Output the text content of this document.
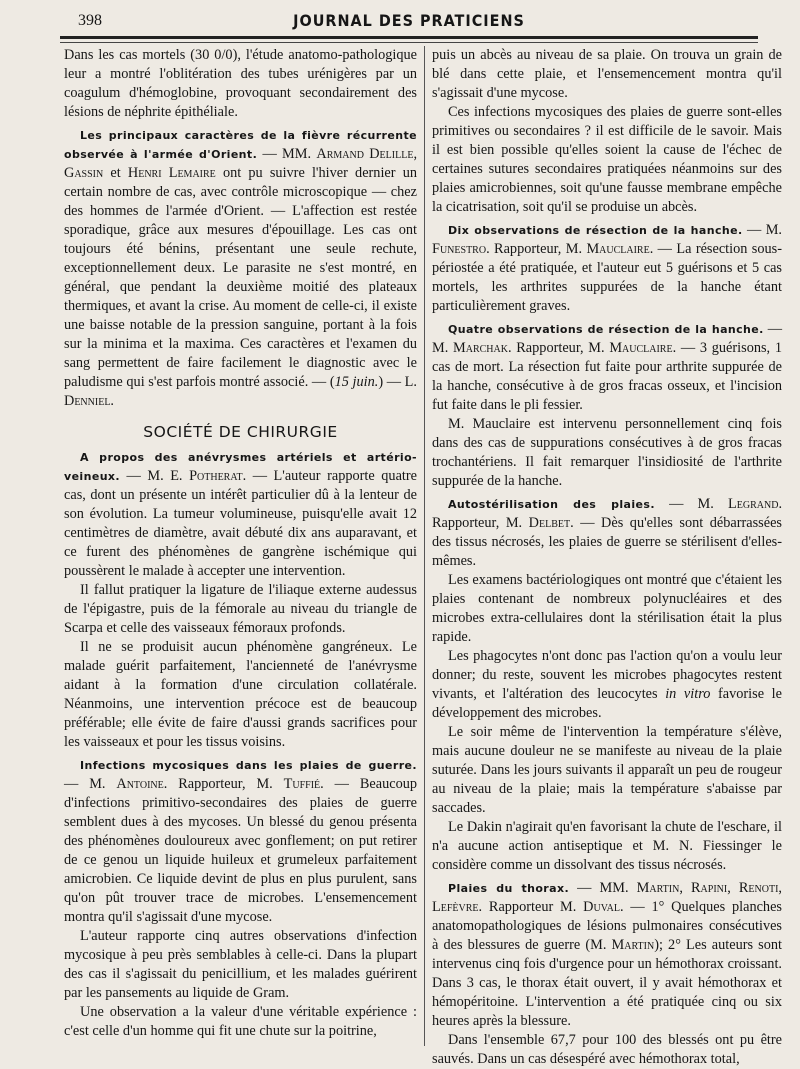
398	JOURNAL DES PRATICIENS

Dans les cas mortels (30 0/0), l'étude anatomo-pathologique leur a montré l'oblitération des tubes urénigères par un coagulum d'hémoglobine, provoquant secondairement des lésions de néphrite épithéliale.

Les principaux caractères de la fièvre récurrente observée à l'armée d'Orient. — MM. Armand Delille, Gassin et Henri Lemaire ont pu suivre l'hiver dernier un certain nombre de cas, avec contrôle microscopique — chez des hommes de l'armée d'Orient. — L'affection est restée sporadique, grâce aux mesures d'épouillage. Les cas ont toujours été bénins, présentant une seule rechute, exceptionnellement deux. Le parasite ne s'est montré, en général, que pendant la deuxième moitié des plateaux thermiques, et avant la crise. Au moment de celle-ci, il existe une baisse notable de la pression sanguine, portant à la fois sur la minima et la maxima. Ces caractères et l'examen du sang permettent de faire facilement le diagnostic avec le paludisme qui s'est parfois montré associé. — (15 juin.) — L. Denniel.

SOCIÉTÉ DE CHIRURGIE

A propos des anévrysmes artériels et artério-veineux. — M. E. Potherat. — L'auteur rapporte quatre cas, dont un présente un intérêt particulier dû à la lenteur de son évolution. La tumeur volumineuse, puisqu'elle avait 12 centimètres de diamètre, avait débuté dix ans auparavant, et ce furent des phénomènes de gangrène ischémique qui poussèrent le malade à accepter une intervention.

Il fallut pratiquer la ligature de l'iliaque externe audessus de l'épigastre, puis de la fémorale au niveau du triangle de Scarpa et celle des vaisseaux fémoraux profonds.

Il ne se produisit aucun phénomène gangréneux. Le malade guérit parfaitement, l'ancienneté de l'anévrysme aidant à la formation d'une circulation collatérale. Néanmoins, une intervention précoce est de beaucoup préférable; elle évite de faire d'aussi grands sacrifices pour les vaisseaux et pour les tissus voisins.

Infections mycosiques dans les plaies de guerre. — M. Antoine. Rapporteur, M. Tuffié. — Beaucoup d'infections primitivo-secondaires des plaies de guerre semblent dues à des mycoses. Un blessé du genou présenta des phénomènes douloureux avec gonflement; on put retirer de ce genou un liquide huileux et grumeleux parfaitement amicrobien. Ce liquide devint de plus en plus purulent, sans qu'on pût trouver trace de microbes. L'ensemencement montra qu'il s'agissait d'une mycose.

L'auteur rapporte cinq autres observations d'infection mycosique à peu près semblables à celle-ci. Dans la plupart des cas il s'agissait du penicillium, et les malades guérirent par les pansements au liquide de Gram.

Une observation a la valeur d'une véritable expérience : c'est celle d'un homme qui fit une chute sur la poitrine,

puis un abcès au niveau de sa plaie. On trouva un grain de blé dans cette plaie, et l'ensemencement montra qu'il s'agissait d'une mycose.

Ces infections mycosiques des plaies de guerre sont-elles primitives ou secondaires ? il est difficile de le savoir. Mais il est bien possible qu'elles soient la cause de l'échec de certaines sutures secondaires pratiquées néanmoins sur des plaies amicrobiennes, soit qu'une fausse membrane empêche la cicatrisation, soit qu'il se produise un abcès.

Dix observations de résection de la hanche. — M. Funestro. Rapporteur, M. Mauclaire. — La résection sous-périostée a été pratiquée, et l'auteur eut 5 guérisons et 5 cas mortels, les arthrites suppurées de la hanche étant particulièrement graves.

Quatre observations de résection de la hanche. — M. Marchak. Rapporteur, M. Mauclaire. — 3 guérisons, 1 cas de mort. La résection fut faite pour arthrite suppurée de la hanche, consécutive à de gros fracas osseux, et l'incision fut faite dans le pli fessier.

M. Mauclaire est intervenu personnellement cinq fois dans des cas de suppurations consécutives à de gros fracas trochantériens. Il fait remarquer l'insidiosité de l'arthrite suppurée de la hanche.

Autostérilisation des plaies. — M. Legrand. Rapporteur, M. Delbet. — Dès qu'elles sont débarrassées des tissus nécrosés, les plaies de guerre se stérilisent d'elles-mêmes.

Les examens bactériologiques ont montré que c'étaient les plaies contenant de nombreux polynucléaires et des microbes extra-cellulaires dont la stérilisation était la plus rapide.

Les phagocytes n'ont donc pas l'action qu'on a voulu leur donner; du reste, souvent les microbes phagocytes restent vivants, et l'altération des leucocytes in vitro favorise le développement des microbes.

Le soir même de l'intervention la température s'élève, mais aucune douleur ne se manifeste au niveau de la plaie suturée. Dans les jours suivants il apparaît un peu de rougeur au niveau de la plaie; mais la température s'abaisse par saccades.

Le Dakin n'agirait qu'en favorisant la chute de l'eschare, il n'a aucune action antiseptique et M. N. Fiessinger le considère comme un dissolvant des tissus nécrosés.

Plaies du thorax. — MM. Martin, Rapini, Renoti, Lefèvre. Rapporteur M. Duval. — 1° Quelques planches anatomopathologiques de lésions pulmonaires consécutives à des blessures de guerre (M. Martin); 2° Les auteurs sont intervenus cinq fois d'urgence pour un hémothorax croissant. Dans 3 cas, le thorax était ouvert, il y avait hémothorax et hémopéritoine. L'intervention a été pratiquée cinq ou six heures après la blessure.

Dans l'ensemble 67,7 pour 100 des blessés ont pu être sauvés. Dans un cas désespéré avec hémothorax total,
